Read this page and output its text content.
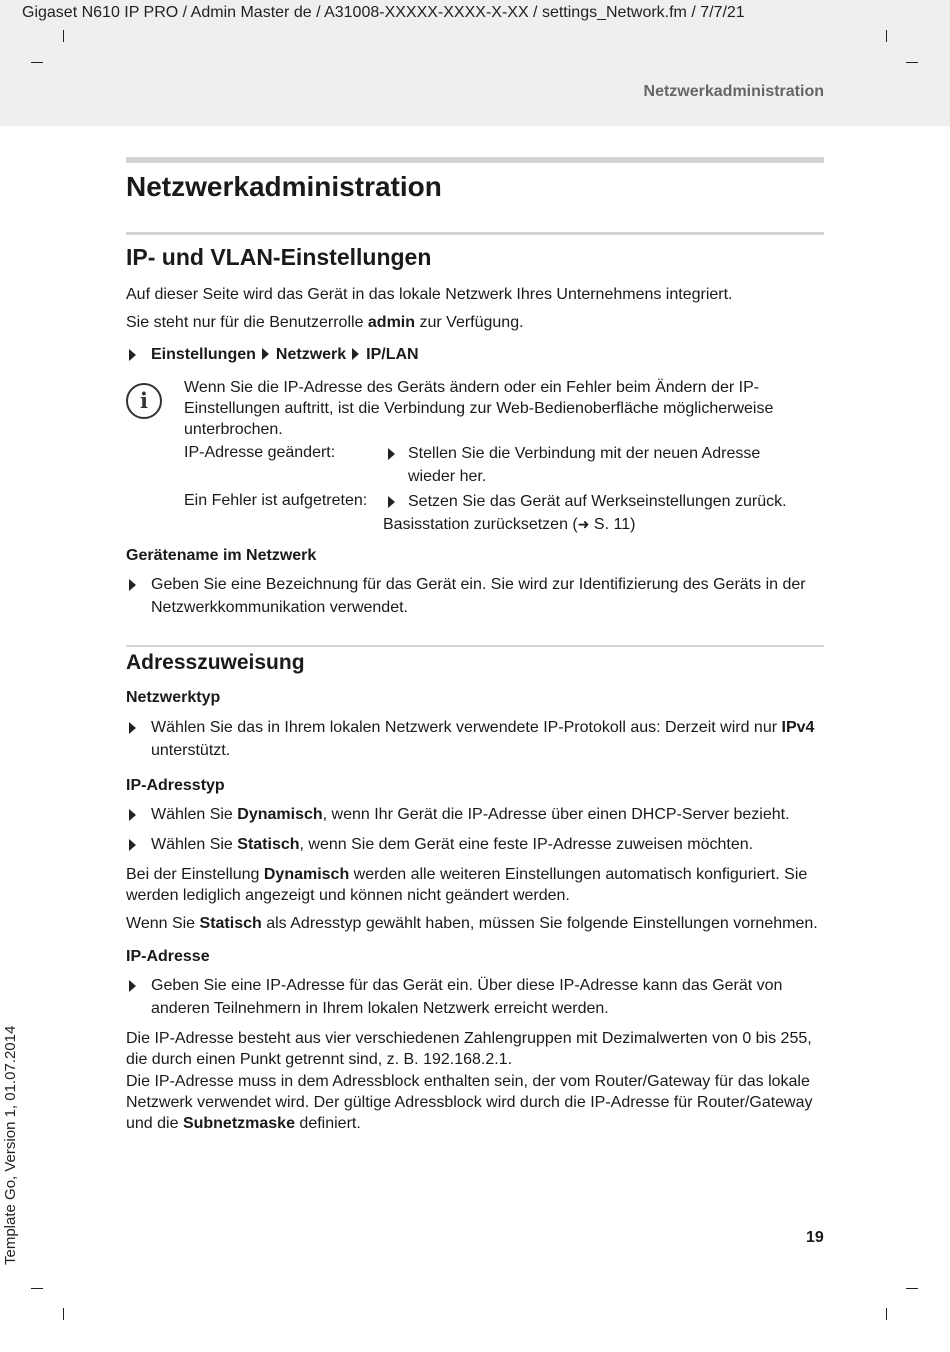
Gigaset N610 IP PRO / Admin Master de / A31008-XXXXX-XXXX-X-XX / settings_Network.fm / 7/7/21
Netzwerkadministration
Template Go, Version 1, 01.07.2014
Netzwerkadministration
IP- und VLAN-Einstellungen
Auf dieser Seite wird das Gerät in das lokale Netzwerk Ihres Unternehmens integriert.
Sie steht nur für die Benutzerrolle admin zur Verfügung.
Einstellungen Netzwerk IP/LAN
i
Wenn Sie die IP-Adresse des Geräts ändern oder ein Fehler beim Ändern der IP-Einstellungen auftritt, ist die Verbindung zur Web-Bedienoberfläche möglicherweise unterbrochen.
IP-Adresse geändert:	Stellen Sie die Verbindung mit der neuen Adresse wieder her.
Ein Fehler ist aufgetreten:	Setzen Sie das Gerät auf Werkseinstellungen zurück.
Basisstation zurücksetzen (➜ S. 11)
Gerätename im Netzwerk
Geben Sie eine Bezeichnung für das Gerät ein. Sie wird zur Identifizierung des Geräts in der Netzwerkkommunikation verwendet.
Adresszuweisung
Netzwerktyp
Wählen Sie das in Ihrem lokalen Netzwerk verwendete IP-Protokoll aus: Derzeit wird nur IPv4 unterstützt.
IP-Adresstyp
Wählen Sie Dynamisch, wenn Ihr Gerät die IP-Adresse über einen DHCP-Server bezieht.
Wählen Sie Statisch, wenn Sie dem Gerät eine feste IP-Adresse zuweisen möchten.
Bei der Einstellung Dynamisch werden alle weiteren Einstellungen automatisch konfiguriert. Sie werden lediglich angezeigt und können nicht geändert werden.
Wenn Sie Statisch als Adresstyp gewählt haben, müssen Sie folgende Einstellungen vornehmen.
IP-Adresse
Geben Sie eine IP-Adresse für das Gerät ein. Über diese IP-Adresse kann das Gerät von anderen Teilnehmern in Ihrem lokalen Netzwerk erreicht werden.
Die IP-Adresse besteht aus vier verschiedenen Zahlengruppen mit Dezimalwerten von 0 bis 255, die durch einen Punkt getrennt sind, z. B. 192.168.2.1.
Die IP-Adresse muss in dem Adressblock enthalten sein, der vom Router/Gateway für das lokale Netzwerk verwendet wird. Der gültige Adressblock wird durch die IP-Adresse für Router/Gateway und die Subnetzmaske definiert.
19
